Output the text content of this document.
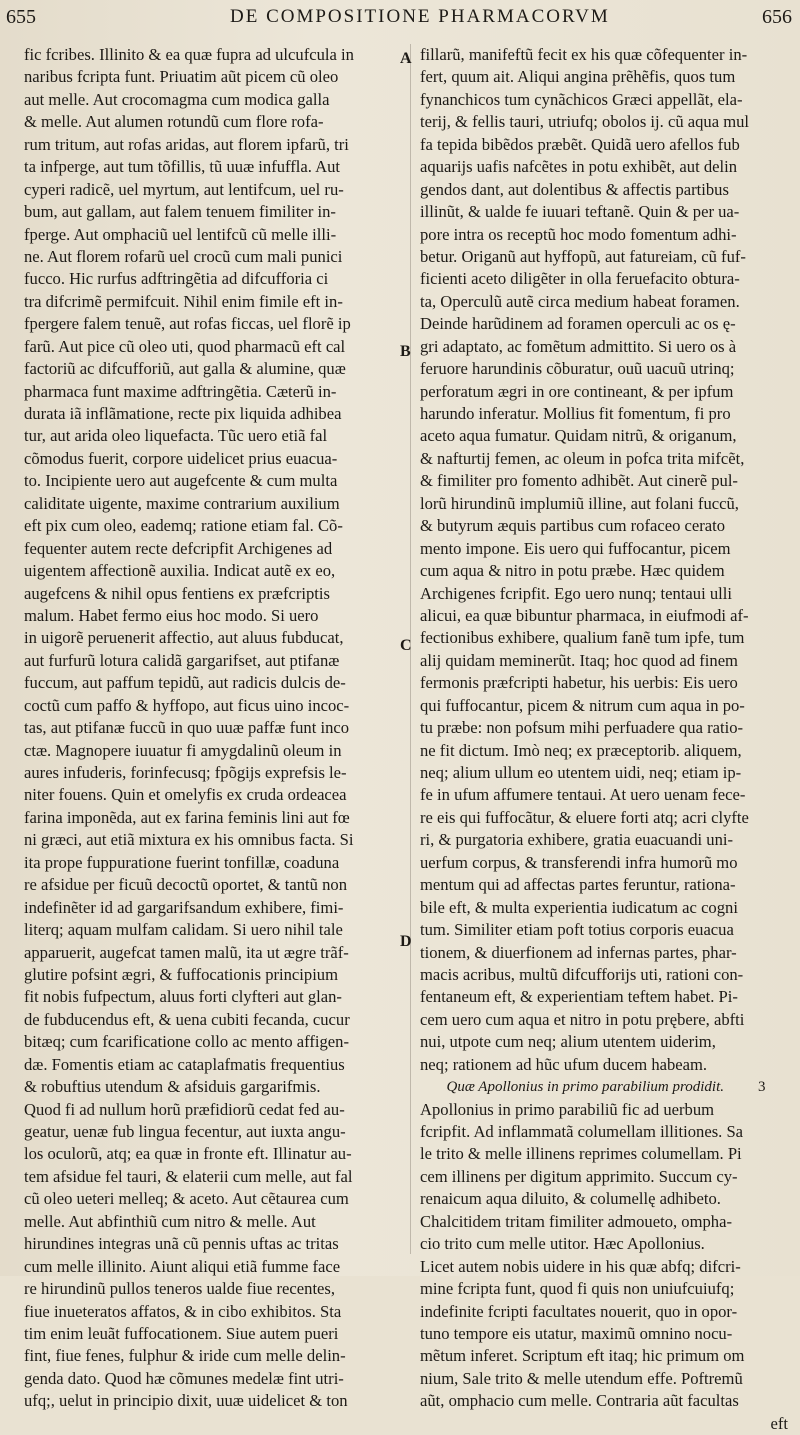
655	DE COMPOSITIONE PHARMACORVM	656
A
B
C
D
fic fcribes. Illinito & ea quæ fupra ad ulcufcula in
naribus fcripta funt. Priuatim aũt picem cũ oleo
aut melle. Aut crocomagma cum modica galla
& melle. Aut alumen rotundũ cum flore rofa-
rum tritum, aut rofas aridas, aut florem ipfarũ, tri
ta infperge, aut tum tõfillis, tũ uuæ infuffla. Aut
cyperi radicẽ, uel myrtum, aut lentifcum, uel ru-
bum, aut gallam, aut falem tenuem fimiliter in-
fperge. Aut omphaciũ uel lentifcũ cũ melle illi-
ne. Aut florem rofarũ uel crocũ cum mali punici
fucco. Hic rurfus adftringẽtia ad difcufforia ci
tra difcrimẽ permifcuit. Nihil enim fimile eft in-
fpergere falem tenuẽ, aut rofas ficcas, uel florẽ ip
farũ. Aut pice cũ oleo uti, quod pharmacũ eft cal
factoriũ ac difcufforiũ, aut galla & alumine, quæ
pharmaca funt maxime adftringẽtia. Cæterũ in-
durata iã inflãmatione, recte pix liquida adhibea
tur, aut arida oleo liquefacta. Tũc uero etiã fal
cõmodus fuerit, corpore uidelicet prius euacua-
to. Incipiente uero aut augefcente & cum multa
caliditate uigente, maxime contrarium auxilium
eft pix cum oleo, eademq; ratione etiam fal. Cõ-
fequenter autem recte defcripfit Archigenes ad
uigentem affectionẽ auxilia. Indicat autẽ ex eo,
augefcens & nihil opus fentiens ex præfcriptis
malum. Habet fermo eius hoc modo. Si uero
in uigorẽ peruenerit affectio, aut aluus fubducat,
aut furfurũ lotura calidã gargarifset, aut ptifanæ
fuccum, aut paffum tepidũ, aut radicis dulcis de-
coctũ cum paffo & hyffopo, aut ficus uino incoc-
tas, aut ptifanæ fuccũ in quo uuæ paffæ funt inco
ctæ. Magnopere iuuatur fi amygdalinũ oleum in
aures infuderis, forinfecusq; fpõgijs exprefsis le-
niter fouens. Quin et omelyfis ex cruda ordeacea
farina imponẽda, aut ex farina feminis lini aut fœ
ni græci, aut etiã mixtura ex his omnibus facta. Si
ita prope fuppuratione fuerint tonfillæ, coaduna
re afsidue per ficuũ decoctũ oportet, & tantũ non
indefinẽter id ad gargarifsandum exhibere, fimi-
literq; aquam mulfam calidam. Si uero nihil tale
apparuerit, augefcat tamen malũ, ita ut ægre trãf-
glutire pofsint ægri, & fuffocationis principium
fit nobis fufpectum, aluus forti clyfteri aut glan-
de fubducendus eft, & uena cubiti fecanda, cucur
bitæq; cum fcarificatione collo ac mento affigen-
dæ. Fomentis etiam ac cataplafmatis frequentius
& robuftius utendum & afsiduis gargarifmis.
Quod fi ad nullum horũ præfidiorũ cedat fed au-
geatur, uenæ fub lingua fecentur, aut iuxta angu-
los oculorũ, atq; ea quæ in fronte eft. Illinatur au-
tem afsidue fel tauri, & elaterii cum melle, aut fal
cũ oleo ueteri melleq; & aceto. Aut cẽtaurea cum
melle. Aut abfinthiũ cum nitro & melle. Aut
hirundines integras unã cũ pennis uftas ac tritas
cum melle illinito. Aiunt aliqui etiã fumme face
re hirundinũ pullos teneros ualde fiue recentes,
fiue inueteratos affatos, & in cibo exhibitos. Sta
tim enim leuãt fuffocationem. Siue autem pueri
fint, fiue fenes, fulphur & iride cum melle delin-
genda dato. Quod hæ cõmunes medelæ fint utri-
ufq;, uelut in principio dixit, uuæ uidelicet & ton
fillarũ, manifeftũ fecit ex his quæ cõfequenter in-
fert, quum ait. Aliqui angina prẽhẽfis, quos tum
fynanchicos tum cynãchicos Græci appellãt, ela-
terij, & fellis tauri, utriufq; obolos ij. cũ aqua mul
fa tepida bibẽdos præbẽt. Quidã uero afellos fub
aquarijs uafis nafcẽtes in potu exhibẽt, aut delin
gendos dant, aut dolentibus & affectis partibus
illinũt, & ualde fe iuuari teftanẽ. Quin & per ua-
pore intra os receptũ hoc modo fomentum adhi-
betur. Origanũ aut hyffopũ, aut fatureiam, cũ fuf-
ficienti aceto diligẽter in olla feruefacito obtura-
ta, Operculũ autẽ circa medium habeat foramen.
Deinde harũdinem ad foramen operculi ac os ę-
gri adaptato, ac fomẽtum admittito. Si uero os à
feruore harundinis cõburatur, ouũ uacuũ utrinq;
perforatum ægri in ore contineant, & per ipfum
harundo inferatur. Mollius fit fomentum, fi pro
aceto aqua fumatur. Quidam nitrũ, & origanum,
& nafturtij femen, ac oleum in pofca trita mifcẽt,
& fimiliter pro fomento adhibẽt. Aut cinerẽ pul-
lorũ hirundinũ implumiũ illine, aut folani fuccũ,
& butyrum æquis partibus cum rofaceo cerato
mento impone. Eis uero qui fuffocantur, picem
cum aqua & nitro in potu præbe. Hæc quidem
Archigenes fcripfit. Ego uero nunq; tentaui ulli
alicui, ea quæ bibuntur pharmaca, in eiufmodi af-
fectionibus exhibere, qualium fanẽ tum ipfe, tum
alij quidam meminerũt. Itaq; hoc quod ad finem
fermonis præfcripti habetur, his uerbis: Eis uero
qui fuffocantur, picem & nitrum cum aqua in po-
tu præbe: non pofsum mihi perfuadere qua ratio-
ne fit dictum. Imò neq; ex præceptorib. aliquem,
neq; alium ullum eo utentem uidi, neq; etiam ip-
fe in ufum affumere tentaui. At uero uenam fece-
re eis qui fuffocãtur, & eluere forti atq; acri clyfte
ri, & purgatoria exhibere, gratia euacuandi uni-
uerfum corpus, & transferendi infra humorũ mo
mentum qui ad affectas partes feruntur, rationa-
bile eft, & multa experientia iudicatum ac cogni
tum. Similiter etiam poft totius corporis euacua
tionem, & diuerfionem ad infernas partes, phar-
macis acribus, multũ difcufforijs uti, rationi con-
fentaneum eft, & experientiam teftem habet. Pi-
cem uero cum aqua et nitro in potu prębere, abfti
nui, utpote cum neq; alium utentem uiderim,
neq; rationem ad hũc ufum ducem habeam.
Quæ Apollonius in primo parabilium prodidit. 3
Apollonius in primo parabiliũ fic ad uerbum
fcripfit. Ad inflammatã columellam illitiones. Sa
le trito & melle illinens reprimes columellam. Pi
cem illinens per digitum apprimito. Succum cy-
renaicum aqua diluito, & columellę adhibeto.
Chalcitidem tritam fimiliter admoueto, ompha-
cio trito cum melle utitor. Hæc Apollonius.
Licet autem nobis uidere in his quæ abfq; difcri-
mine fcripta funt, quod fi quis non uniufcuiufq;
indefinite fcripti facultates nouerit, quo in opor-
tuno tempore eis utatur, maximũ omnino nocu-
mẽtum inferet. Scriptum eft itaq; hic primum om
nium, Sale trito & melle utendum effe. Poftremũ
aũt, omphacio cum melle. Contraria aũt facultas
eft
